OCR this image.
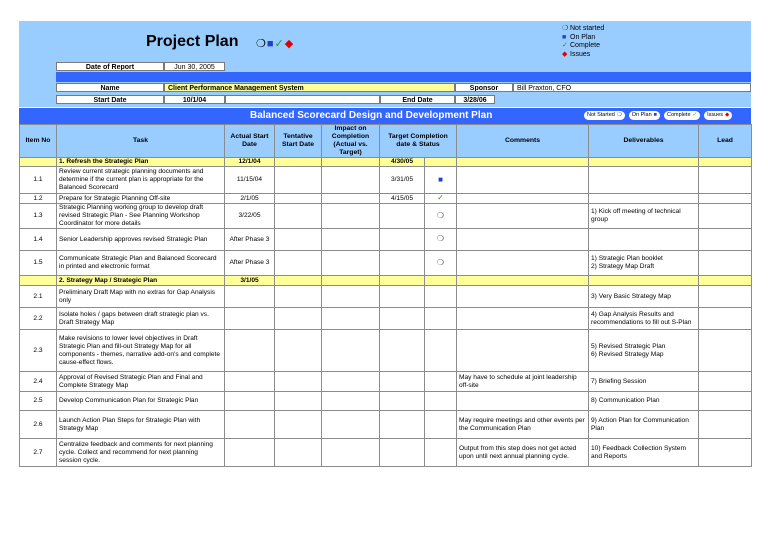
Project Plan ❍ ■ ✓ ◆
❍ Not started
■ On Plan
✓ Complete
◆ Issues
Date of Report	Jun 30, 2005
Name	Client Performance Management System	Sponsor	Bill Praxton, CFO
Start Date	10/1/04	End Date	3/28/06
Balanced Scorecard Design and Development Plan	Not Started ❍	On Plan ■	Complete ✓	Issues ◆
Item No	Task	Actual Start Date	Tentative Start Date	Impact on Completion (Actual vs. Target)	Target Completion date & Status		Comments	Deliverables	Lead
	1. Refresh the Strategic Plan	12/1/04			4/30/05				
1.1	Review current strategic planning documents and determine if the current plan is appropriate for the Balanced Scorecard	11/15/04			3/31/05	■			
1.2	Prepare for Strategic Planning Off-site	2/1/05			4/15/05	✓			
1.3	Strategic Planning working group to develop draft revised Strategic Plan - See Planning Workshop Coordinator for more details	3/22/05				❍		1) Kick off meeting of technical group	
1.4	Senior Leadership approves revised Strategic Plan	After Phase 3				❍			
1.5	Communicate Strategic Plan and Balanced Scorecard in printed and electronic format	After Phase 3				❍		1) Strategic Plan booklet
2) Strategy Map Draft	
	2. Strategy Map / Strategic Plan	3/1/05							
2.1	Preliminary Draft Map with no extras for Gap Analysis only							3) Very Basic Strategy Map	
2.2	Isolate holes / gaps between draft strategic plan vs. Draft Strategy Map							4) Gap Analysis Results and recommendations to fill out S-Plan	
2.3	Make revisions to lower level objectives in Draft Strategic Plan and fill-out Strategy Map for all components - themes, narrative add-on's and complete cause-effect flows.							5) Revised Strategic Plan
6) Revised Strategy Map	
2.4	Approval of Revised Strategic Plan and Final and Complete Strategy Map						May have to schedule at joint leadership off-site	7) Briefing Session	
2.5	Develop Communication Plan for Strategic Plan							8) Communication Plan	
2.6	Launch Action Plan Steps for Strategic Plan with Strategy Map						May require meetings and other events per the Communication Plan	9) Action Plan for Communication Plan	
2.7	Centralize feedback and comments for next planning cycle. Collect and recommend for next planning session cycle.						Output from this step does not get acted upon until next annual planning cycle.	10) Feedback Collection System and Reports	
